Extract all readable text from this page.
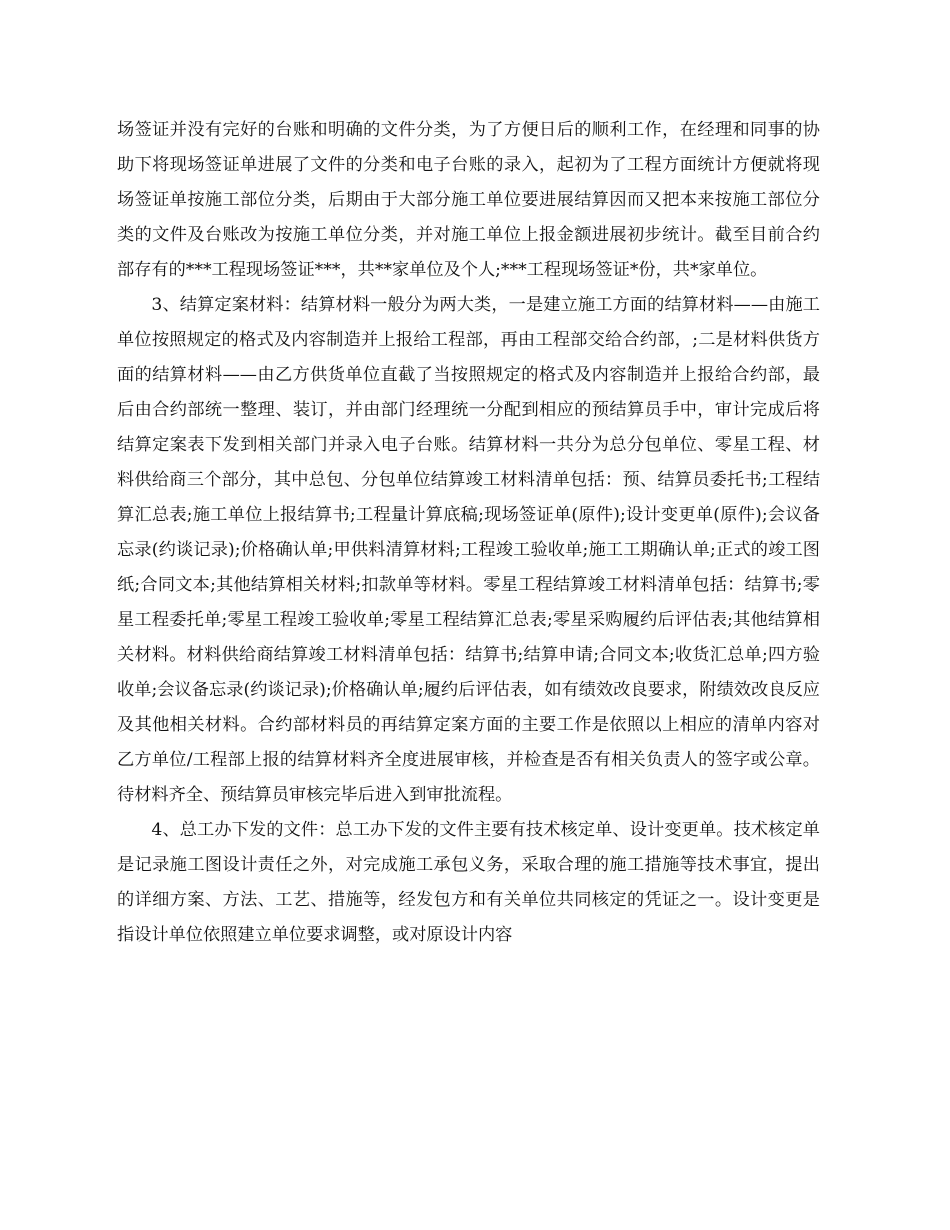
场签证并没有完好的台账和明确的文件分类，为了方便日后的顺利工作，在经理和同事的协助下将现场签证单进展了文件的分类和电子台账的录入，起初为了工程方面统计方便就将现场签证单按施工部位分类，后期由于大部分施工单位要进展结算因而又把本来按施工部位分类的文件及台账改为按施工单位分类，并对施工单位上报金额进展初步统计。截至目前合约部存有的***工程现场签证***，共**家单位及个人;***工程现场签证*份，共*家单位。

3、结算定案材料：结算材料一般分为两大类，一是建立施工方面的结算材料——由施工单位按照规定的格式及内容制造并上报给工程部，再由工程部交给合约部，;二是材料供货方面的结算材料——由乙方供货单位直截了当按照规定的格式及内容制造并上报给合约部，最后由合约部统一整理、装订，并由部门经理统一分配到相应的预结算员手中，审计完成后将结算定案表下发到相关部门并录入电子台账。结算材料一共分为总分包单位、零星工程、材料供给商三个部分，其中总包、分包单位结算竣工材料清单包括：预、结算员委托书;工程结算汇总表;施工单位上报结算书;工程量计算底稿;现场签证单(原件);设计变更单(原件);会议备忘录(约谈记录);价格确认单;甲供料清算材料;工程竣工验收单;施工工期确认单;正式的竣工图纸;合同文本;其他结算相关材料;扣款单等材料。零星工程结算竣工材料清单包括：结算书;零星工程委托单;零星工程竣工验收单;零星工程结算汇总表;零星采购履约后评估表;其他结算相关材料。材料供给商结算竣工材料清单包括：结算书;结算申请;合同文本;收货汇总单;四方验收单;会议备忘录(约谈记录);价格确认单;履约后评估表，如有绩效改良要求，附绩效改良反应及其他相关材料。合约部材料员的再结算定案方面的主要工作是依照以上相应的清单内容对乙方单位/工程部上报的结算材料齐全度进展审核，并检查是否有相关负责人的签字或公章。待材料齐全、预结算员审核完毕后进入到审批流程。

4、总工办下发的文件：总工办下发的文件主要有技术核定单、设计变更单。技术核定单是记录施工图设计责任之外，对完成施工承包义务，采取合理的施工措施等技术事宜，提出的详细方案、方法、工艺、措施等，经发包方和有关单位共同核定的凭证之一。设计变更是指设计单位依照建立单位要求调整，或对原设计内容
